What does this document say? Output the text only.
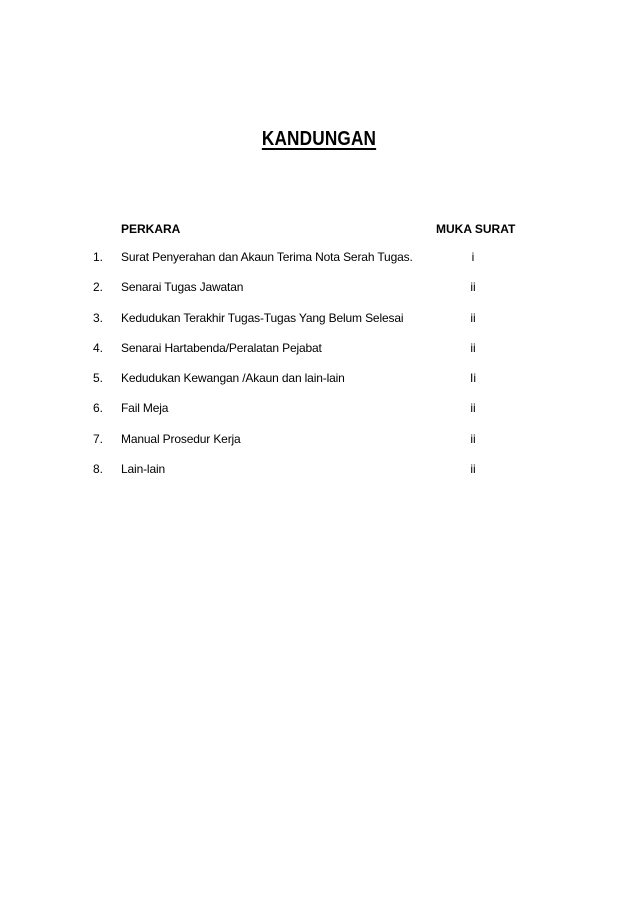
KANDUNGAN
PERKARA	MUKA SURAT
1. Surat Penyerahan dan Akaun Terima Nota Serah Tugas.	i
2. Senarai Tugas Jawatan	ii
3. Kedudukan Terakhir Tugas-Tugas Yang Belum Selesai	ii
4. Senarai Hartabenda/Peralatan Pejabat	ii
5. Kedudukan Kewangan /Akaun dan lain-lain	Ii
6. Fail Meja	ii
7. Manual Prosedur Kerja	ii
8. Lain-lain	ii
